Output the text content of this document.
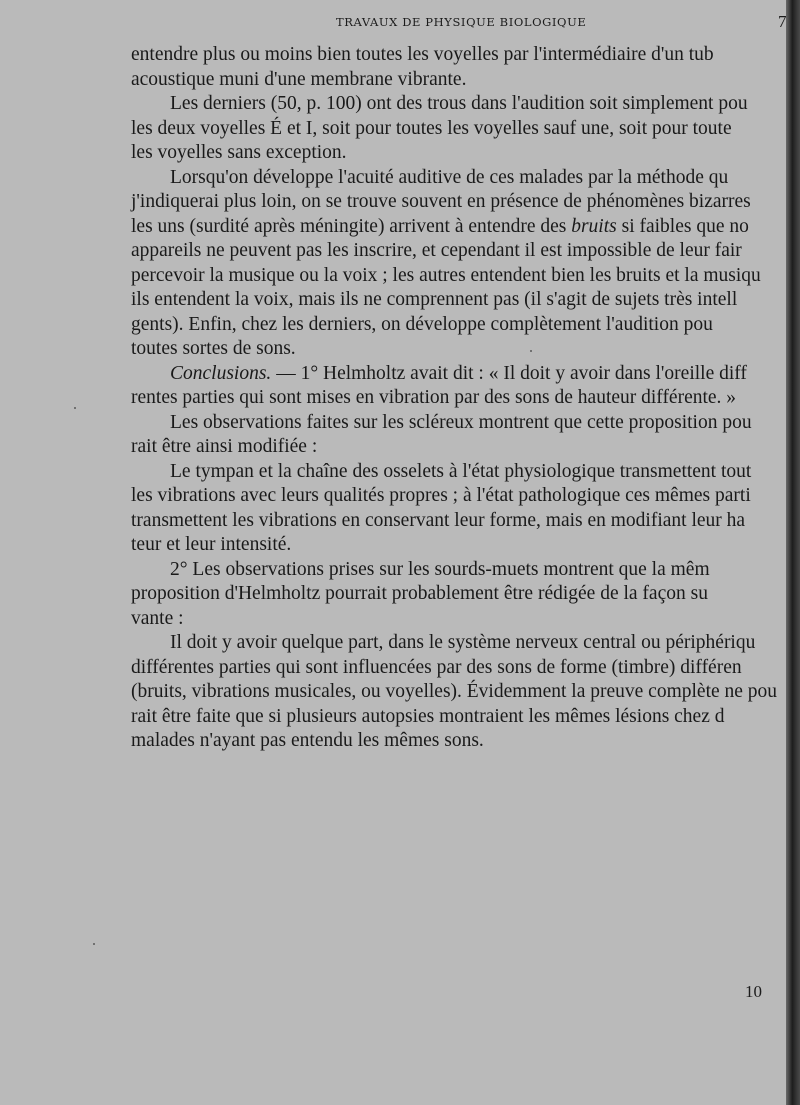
TRAVAUX DE PHYSIQUE BIOLOGIQUE	7
entendre plus ou moins bien toutes les voyelles par l'intermédiaire d'un tub
acoustique muni d'une membrane vibrante.
Les derniers (50, p. 100) ont des trous dans l'audition soit simplement pou
les deux voyelles É et I, soit pour toutes les voyelles sauf une, soit pour toute
les voyelles sans exception.
Lorsqu'on développe l'acuité auditive de ces malades par la méthode qu
j'indiquerai plus loin, on se trouve souvent en présence de phénomènes bizarres
les uns (surdité après méningite) arrivent à entendre des bruits si faibles que no
appareils ne peuvent pas les inscrire, et cependant il est impossible de leur fair
percevoir la musique ou la voix ; les autres entendent bien les bruits et la musiqu
ils entendent la voix, mais ils ne comprennent pas (il s'agit de sujets très intell
gents). Enfin, chez les derniers, on développe complètement l'audition pou
toutes sortes de sons.
Conclusions. — 1° Helmholtz avait dit : « Il doit y avoir dans l'oreille diff
rentes parties qui sont mises en vibration par des sons de hauteur différente. »
Les observations faites sur les scléreux montrent que cette proposition pou
rait être ainsi modifiée :
Le tympan et la chaîne des osselets à l'état physiologique transmettent tout
les vibrations avec leurs qualités propres ; à l'état pathologique ces mêmes parti
transmettent les vibrations en conservant leur forme, mais en modifiant leur ha
teur et leur intensité.
2° Les observations prises sur les sourds-muets montrent que la mêm
proposition d'Helmholtz pourrait probablement être rédigée de la façon su
vante :
Il doit y avoir quelque part, dans le système nerveux central ou périphériqu
différentes parties qui sont influencées par des sons de forme (timbre) différen
(bruits, vibrations musicales, ou voyelles). Évidemment la preuve complète ne pou
rait être faite que si plusieurs autopsies montraient les mêmes lésions chez d
malades n'ayant pas entendu les mêmes sons.
10
